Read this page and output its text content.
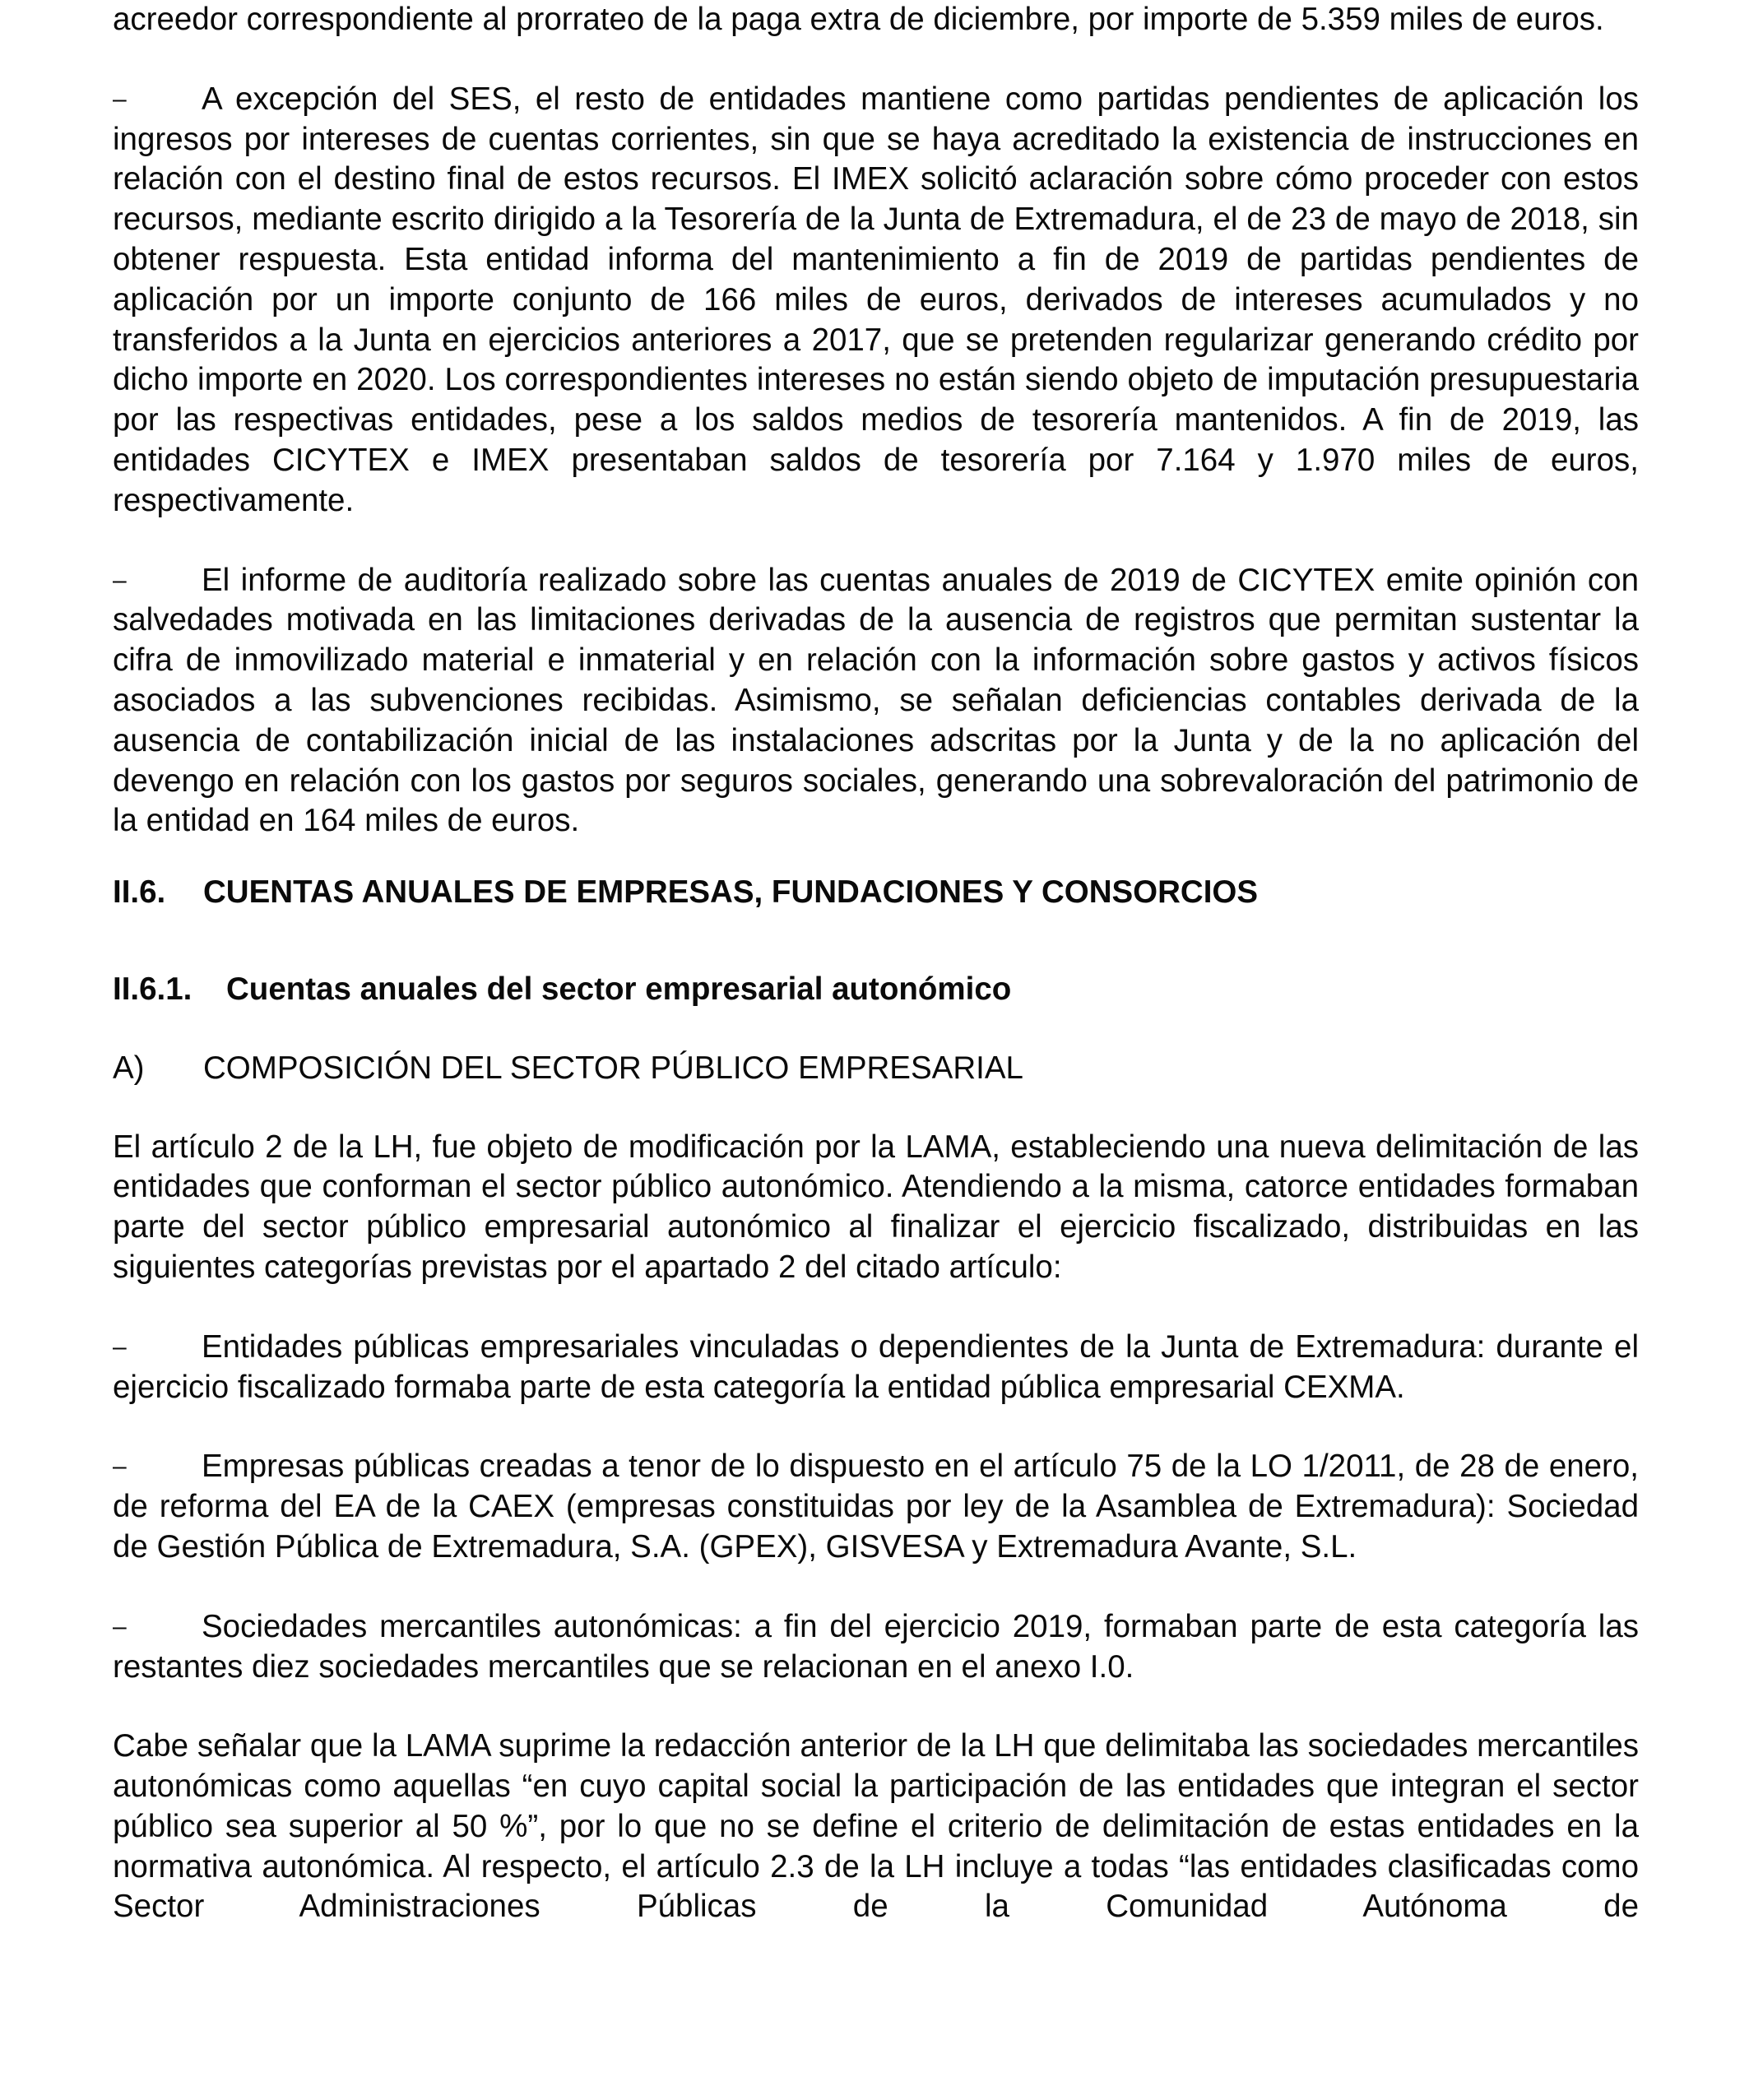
acreedor correspondiente al prorrateo de la paga extra de diciembre, por importe de 5.359 miles de euros.

– A excepción del SES, el resto de entidades mantiene como partidas pendientes de aplicación los ingresos por intereses de cuentas corrientes, sin que se haya acreditado la existencia de instrucciones en relación con el destino final de estos recursos. El IMEX solicitó aclaración sobre cómo proceder con estos recursos, mediante escrito dirigido a la Tesorería de la Junta de Extremadura, el de 23 de mayo de 2018, sin obtener respuesta. Esta entidad informa del mantenimiento a fin de 2019 de partidas pendientes de aplicación por un importe conjunto de 166 miles de euros, derivados de intereses acumulados y no transferidos a la Junta en ejercicios anteriores a 2017, que se pretenden regularizar generando crédito por dicho importe en 2020. Los correspondientes intereses no están siendo objeto de imputación presupuestaria por las respectivas entidades, pese a los saldos medios de tesorería mantenidos. A fin de 2019, las entidades CICYTEX e IMEX presentaban saldos de tesorería por 7.164 y 1.970 miles de euros, respectivamente.

– El informe de auditoría realizado sobre las cuentas anuales de 2019 de CICYTEX emite opinión con salvedades motivada en las limitaciones derivadas de la ausencia de registros que permitan sustentar la cifra de inmovilizado material e inmaterial y en relación con la información sobre gastos y activos físicos asociados a las subvenciones recibidas. Asimismo, se señalan deficiencias contables derivada de la ausencia de contabilización inicial de las instalaciones adscritas por la Junta y de la no aplicación del devengo en relación con los gastos por seguros sociales, generando una sobrevaloración del patrimonio de la entidad en 164 miles de euros.

II.6. CUENTAS ANUALES DE EMPRESAS, FUNDACIONES Y CONSORCIOS
II.6.1. Cuentas anuales del sector empresarial autonómico

A) COMPOSICIÓN DEL SECTOR PÚBLICO EMPRESARIAL

El artículo 2 de la LH, fue objeto de modificación por la LAMA, estableciendo una nueva delimitación de las entidades que conforman el sector público autonómico. Atendiendo a la misma, catorce entidades formaban parte del sector público empresarial autonómico al finalizar el ejercicio fiscalizado, distribuidas en las siguientes categorías previstas por el apartado 2 del citado artículo:

– Entidades públicas empresariales vinculadas o dependientes de la Junta de Extremadura: durante el ejercicio fiscalizado formaba parte de esta categoría la entidad pública empresarial CEXMA.

– Empresas públicas creadas a tenor de lo dispuesto en el artículo 75 de la LO 1/2011, de 28 de enero, de reforma del EA de la CAEX (empresas constituidas por ley de la Asamblea de Extremadura): Sociedad de Gestión Pública de Extremadura, S.A. (GPEX), GISVESA y Extremadura Avante, S.L.

– Sociedades mercantiles autonómicas: a fin del ejercicio 2019, formaban parte de esta categoría las restantes diez sociedades mercantiles que se relacionan en el anexo I.0.

Cabe señalar que la LAMA suprime la redacción anterior de la LH que delimitaba las sociedades mercantiles autonómicas como aquellas “en cuyo capital social la participación de las entidades que integran el sector público sea superior al 50 %”, por lo que no se define el criterio de delimitación de estas entidades en la normativa autonómica. Al respecto, el artículo 2.3 de la LH incluye a todas “las entidades clasificadas como Sector Administraciones Públicas de la Comunidad Autónoma de
